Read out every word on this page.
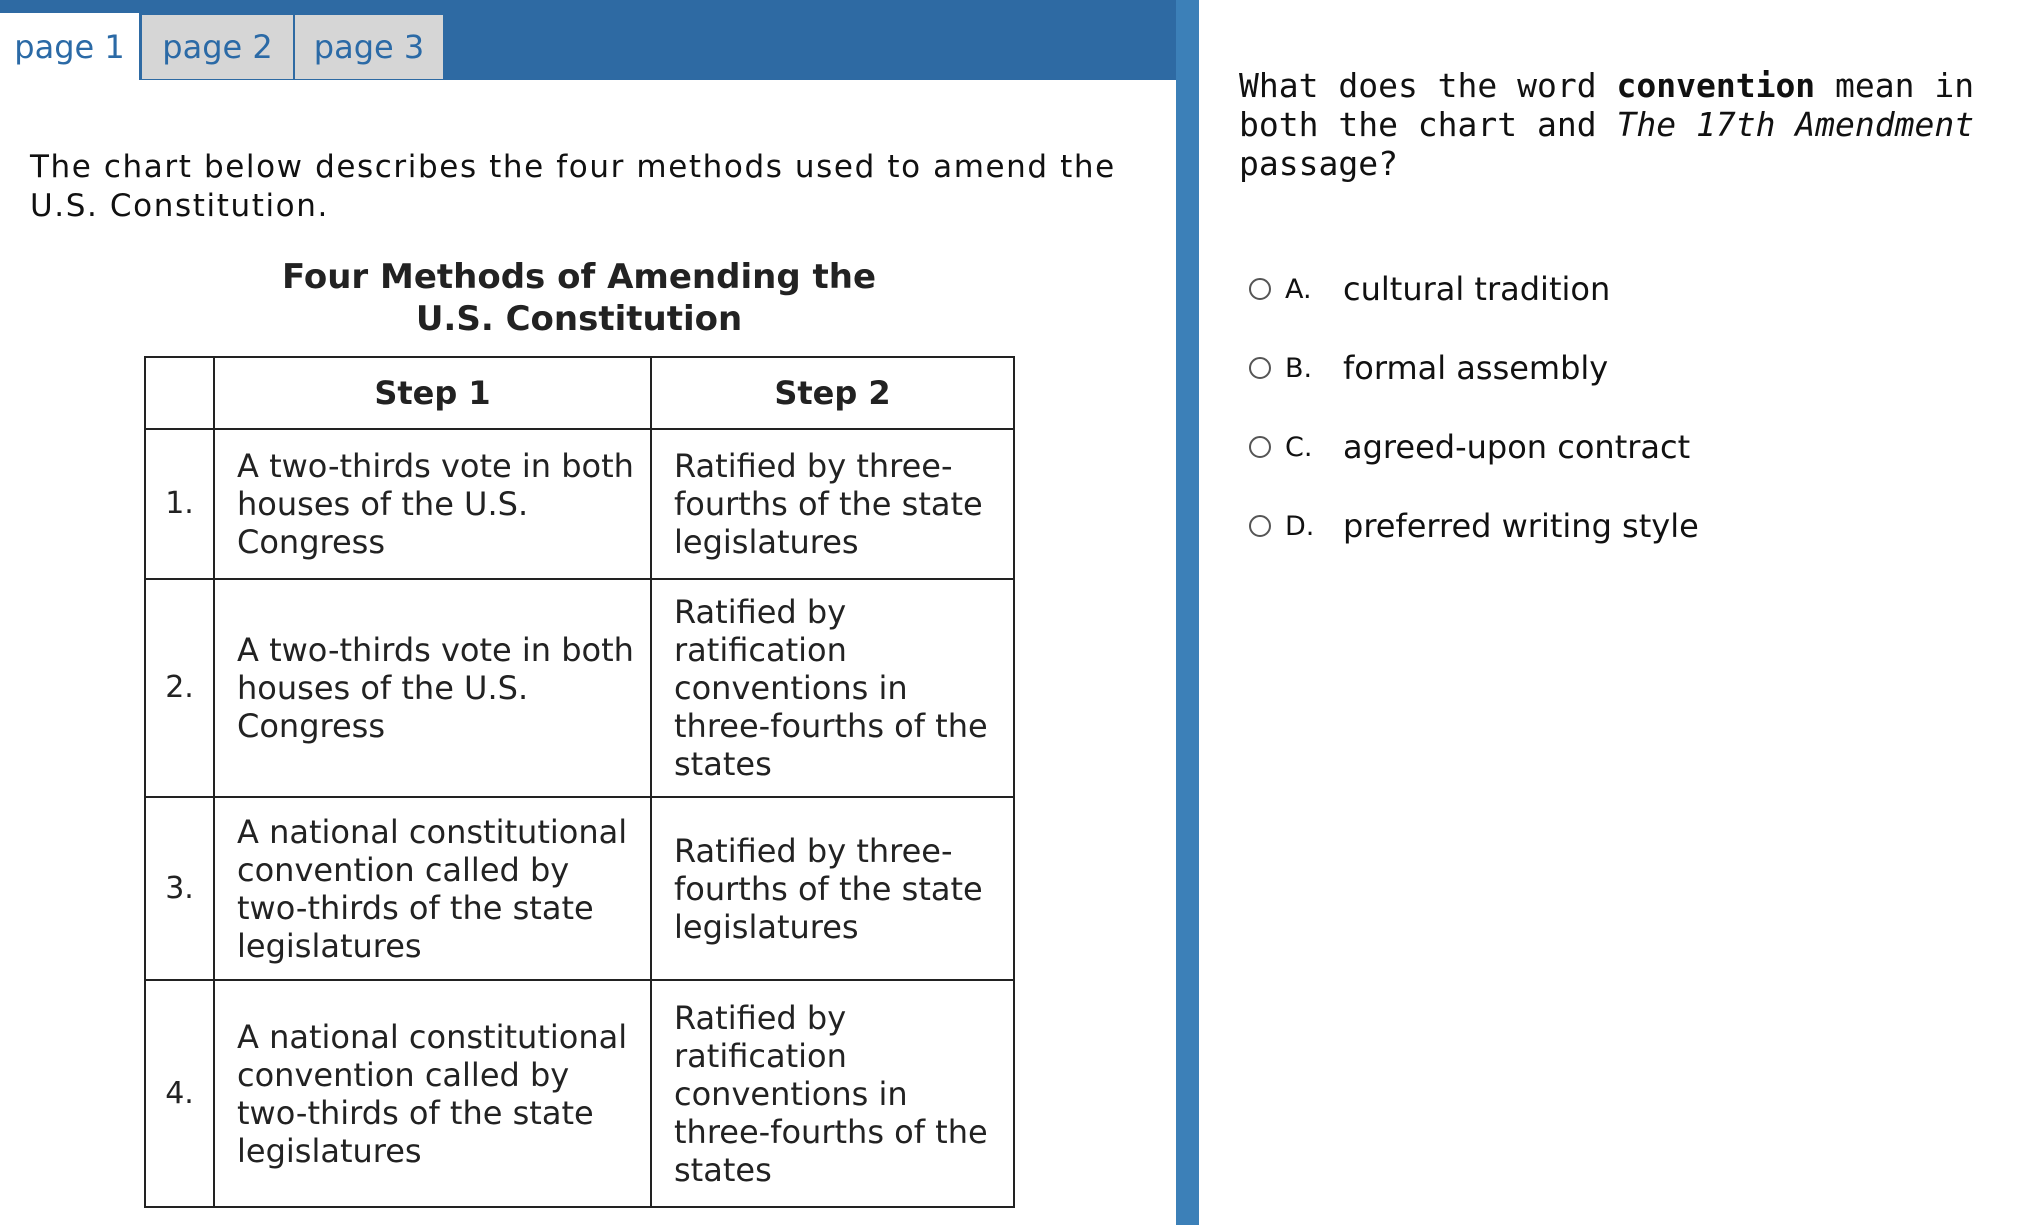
page 1	page 2	page 3

The chart below describes the four methods used to amend the U.S. Constitution.

Four Methods of Amending the
U.S. Constitution
	Step 1	Step 2
1.	A two-thirds vote in both houses of the U.S. Congress	Ratified by three-fourths of the state legislatures
2.	A two-thirds vote in both houses of the U.S. Congress	Ratified by ratification conventions in three-fourths of the states
3.	A national constitutional convention called by two-thirds of the state legislatures	Ratified by three-fourths of the state legislatures
4.	A national constitutional convention called by two-thirds of the state legislatures	Ratified by ratification conventions in three-fourths of the states

What does the word convention mean in both the chart and The 17th Amendment passage?

A. cultural tradition
B. formal assembly
C. agreed-upon contract
D. preferred writing style
